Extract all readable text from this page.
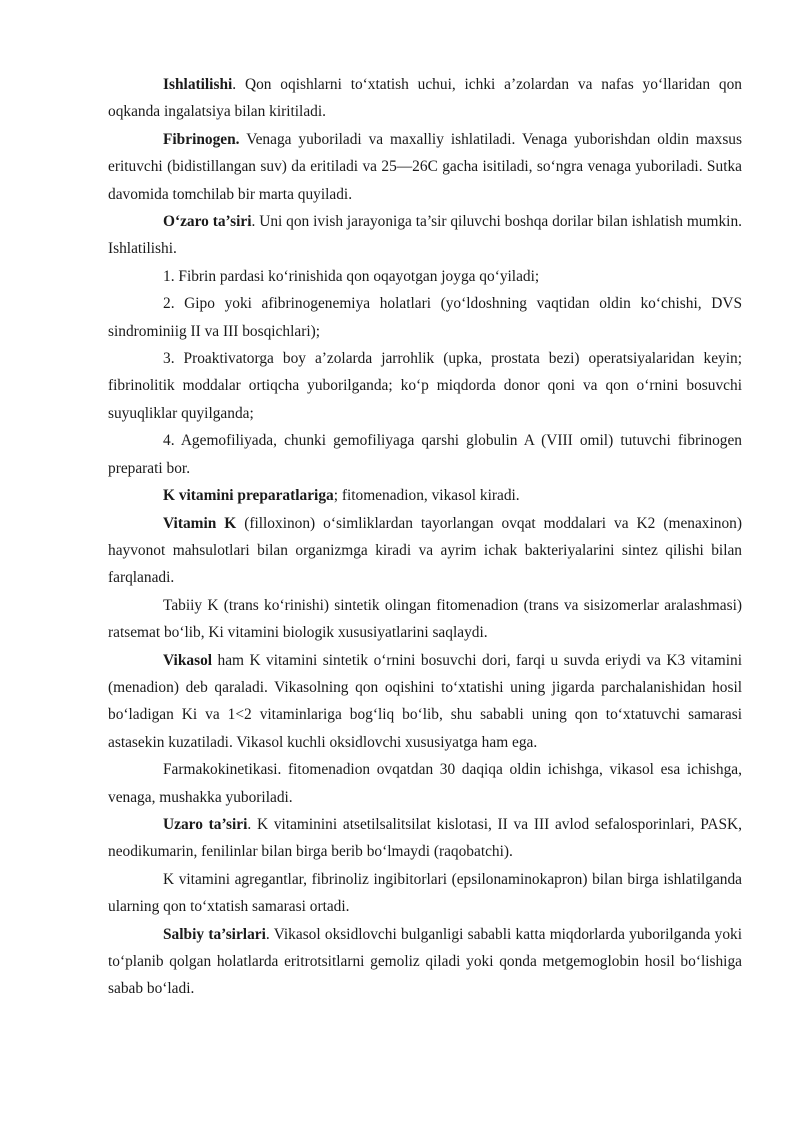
Ishlatilishi. Qon oqishlarni to‘xtatish uchui, ichki a’zolardan va nafas yo‘llaridan qon oqkanda ingalatsiya bilan kiritiladi.

Fibrinogen. Venaga yuboriladi va maxalliy ishlatiladi. Venaga yuborishdan oldin maxsus erituvchi (bidistillangan suv) da eritiladi va 25—26C gacha isitiladi, so‘ngra venaga yuboriladi. Sutka davomida tomchilab bir marta quyiladi.

O‘zaro ta’siri. Uni qon ivish jarayoniga ta’sir qiluvchi boshqa dorilar bilan ishlatish mumkin. Ishlatilishi.

1. Fibrin pardasi ko‘rinishida qon oqayotgan joyga qo‘yiladi;

2. Gipo yoki afibrinogenemiya holatlari (yo‘ldoshning vaqtidan oldin ko‘chishi, DVS sindrominiig II va III bosqichlari);

3. Proaktivatorga boy a’zolarda jarrohlik (upka, prostata bezi) operatsiyalaridan keyin; fibrinolitik moddalar ortiqcha yuborilganda; ko‘p miqdorda donor qoni va qon o‘rnini bosuvchi suyuqliklar quyilganda;

4. Agemofiliyada, chunki gemofiliyaga qarshi globulin A (VIII omil) tutuvchi fibrinogen preparati bor.

K vitamini preparatlariga; fitomenadion, vikasol kiradi.

Vitamin K (filloxinon) o‘simliklardan tayorlangan ovqat moddalari va K2 (menaxinon) hayvonot mahsulotlari bilan organizmga kiradi va ayrim ichak bakteriyalarini sintez qilishi bilan farqlanadi.

Tabiiy K (trans ko‘rinishi) sintetik olingan fitomenadion (trans va sisizomerlar aralashmasi) ratsemat bo‘lib, Ki vitamini biologik xususiyatlarini saqlaydi.

Vikasol ham K vitamini sintetik o‘rnini bosuvchi dori, farqi u suvda eriydi va K3 vitamini (menadion) deb qaraladi. Vikasolning qon oqishini to‘xtatishi uning jigarda parchalanishidan hosil bo‘ladigan Ki va 1<2 vitaminlariga bog‘liq bo‘lib, shu sababli uning qon to‘xtatuvchi samarasi astasekin kuzatiladi. Vikasol kuchli oksidlovchi xususiyatga ham ega.

Farmakokinetikasi. fitomenadion ovqatdan 30 daqiqa oldin ichishga, vikasol esa ichishga, venaga, mushakka yuboriladi.

Uzaro ta’siri. K vitaminini atsetilsalitsilat kislotasi, II va III avlod sefalosporinlari, PASK, neodikumarin, fenilinlar bilan birga berib bo‘lmaydi (raqobatchi).

K vitamini agregantlar, fibrinoliz ingibitorlari (epsilonaminokapron) bilan birga ishlatilganda ularning qon to‘xtatish samarasi ortadi.

Salbiy ta’sirlari. Vikasol oksidlovchi bulganligi sababli katta miqdorlarda yuborilganda yoki to‘planib qolgan holatlarda eritrotsitlarni gemoliz qiladi yoki qonda metgemoglobin hosil bo‘lishiga sabab bo‘ladi.
